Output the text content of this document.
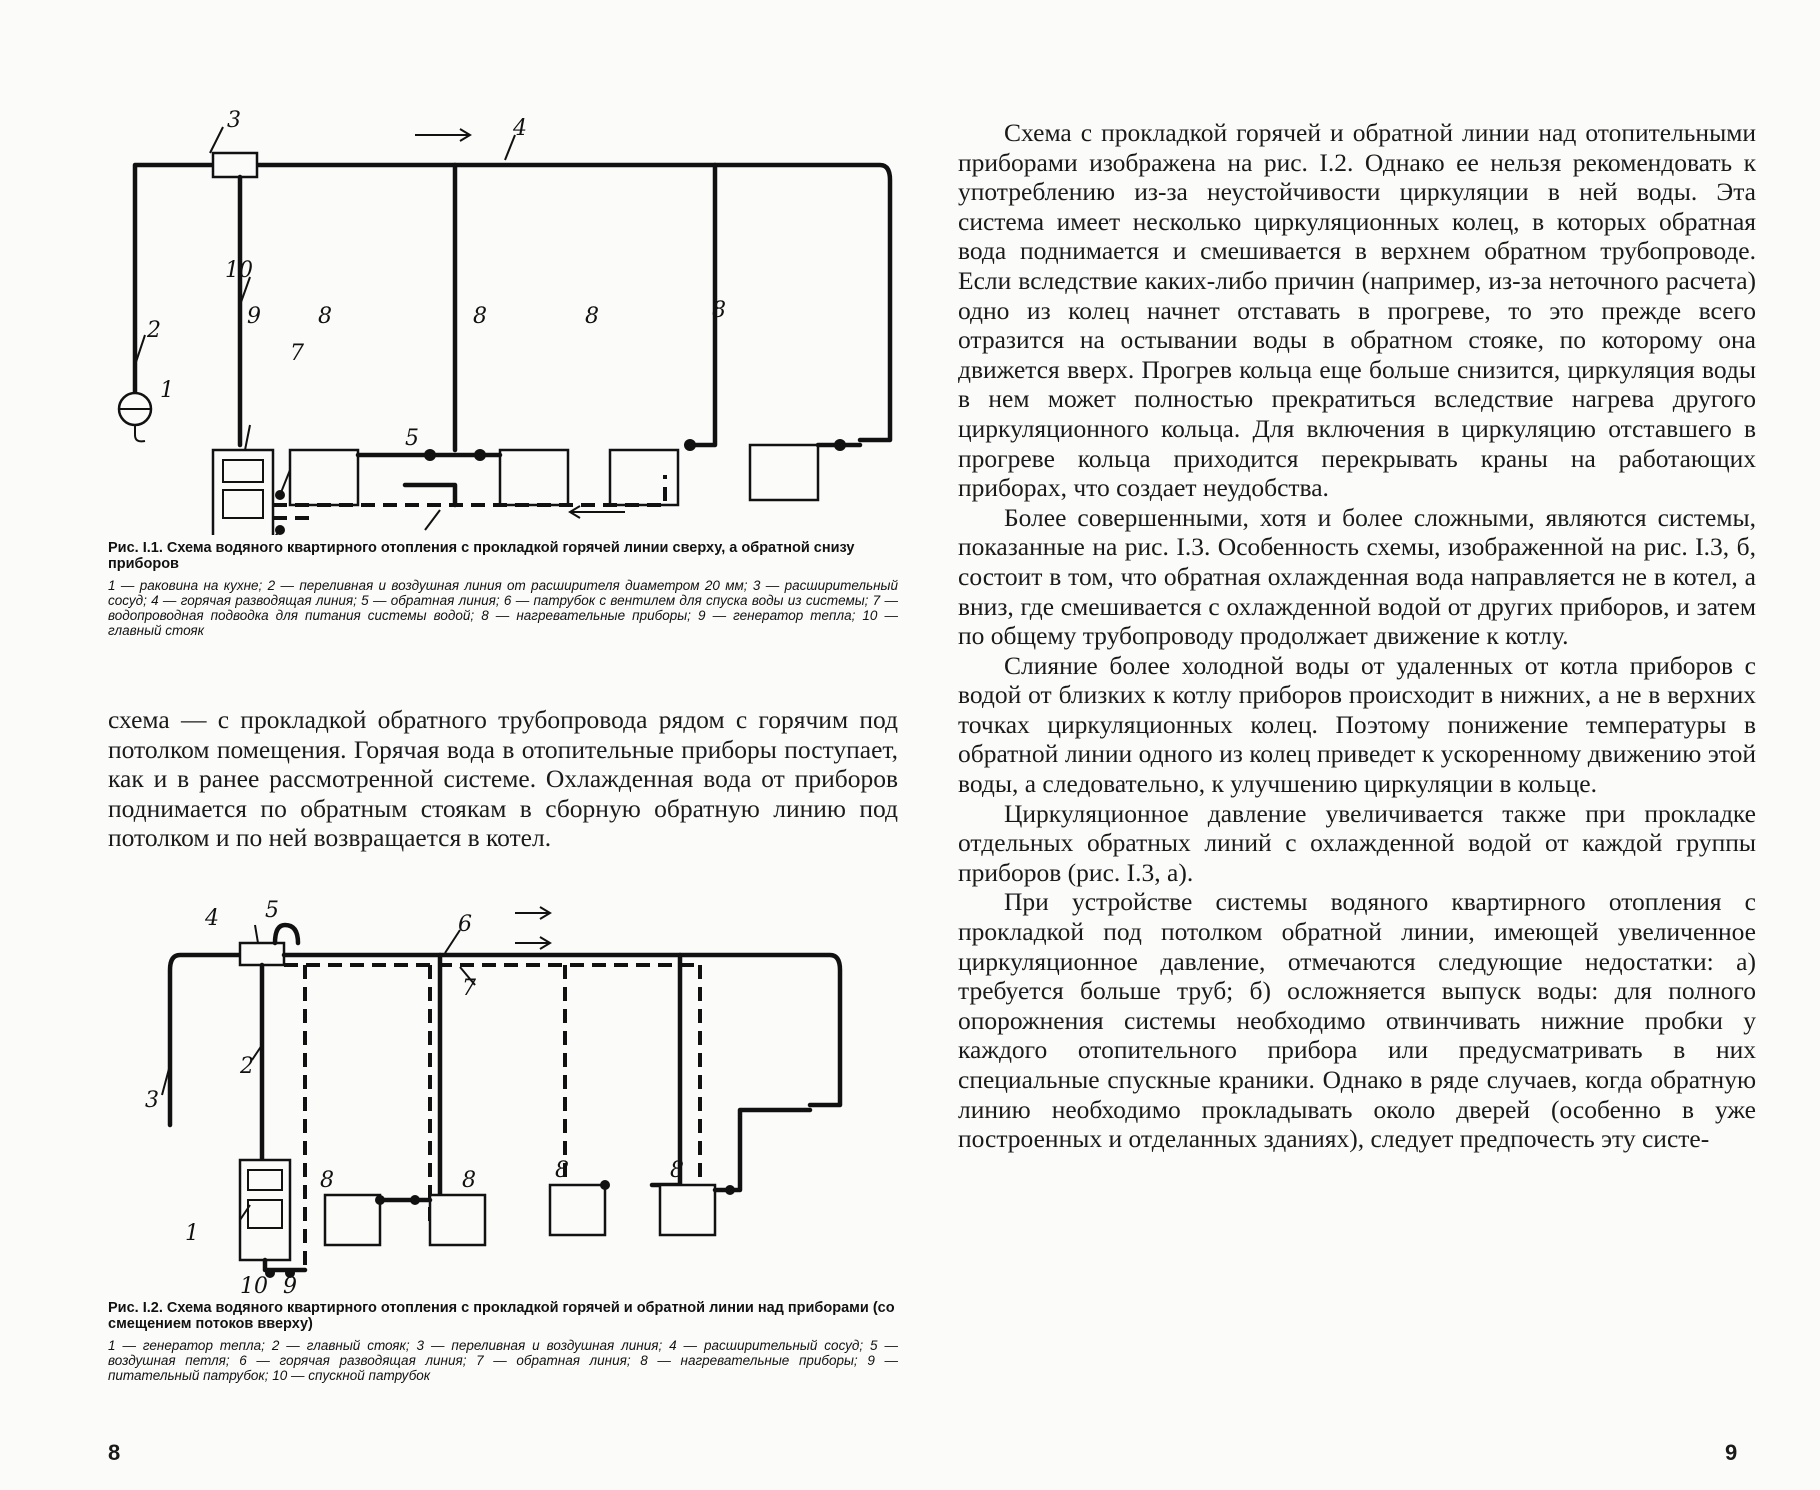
3	4
2
10
1
9
7
8	8	8	8
5

Рис. I.1. Схема водяного квартирного отопления с прокладкой горячей линии сверху, а обратной снизу приборов

1 — раковина на кухне; 2 — переливная и воздушная линия от расширителя диаметром 20 мм; 3 — расширительный сосуд; 4 — горячая разводящая линия; 5 — обратная линия; 6 — патрубок с вентилем для спуска воды из системы; 7 — водопроводная подводка для питания системы водой; 8 — нагревательные приборы; 9 — генератор тепла; 10 — главный стояк

схема — с прокладкой обратного трубопровода рядом с горячим под потолком помещения. Горячая вода в отопительные приборы поступает, как и в ранее рассмотренной системе. Охлажденная вода от приборов поднимается по обратным стоякам в сборную обратную линию под потолком и по ней возвращается в котел.

4 5
6
7
2
3
1
8	8	8	8
10 9

Рис. I.2. Схема водяного квартирного отопления с прокладкой горячей и обратной линии над приборами (со смещением потоков вверху)

1 — генератор тепла; 2 — главный стояк; 3 — переливная и воздушная линия; 4 — расширительный сосуд; 5 — воздушная петля; 6 — горячая разводящая линия; 7 — обратная линия; 8 — нагревательные приборы; 9 — питательный патрубок; 10 — спускной патрубок

8

Схема с прокладкой горячей и обратной линии над отопительными приборами изображена на рис. I.2. Однако ее нельзя рекомендовать к употреблению из-за неустойчивости циркуляции в ней воды. Эта система имеет несколько циркуляционных колец, в которых обратная вода поднимается и смешивается в верхнем обратном трубопроводе. Если вследствие каких-либо причин (например, из-за неточного расчета) одно из колец начнет отставать в прогреве, то это прежде всего отразится на остывании воды в обратном стояке, по которому она движется вверх. Прогрев кольца еще больше снизится, циркуляция воды в нем может полностью прекратиться вследствие нагрева другого циркуляционного кольца. Для включения в циркуляцию отставшего в прогреве кольца приходится перекрывать краны на работающих приборах, что создает неудобства.

Более совершенными, хотя и более сложными, являются системы, показанные на рис. I.3. Особенность схемы, изображенной на рис. I.3, б, состоит в том, что обратная охлажденная вода направляется не в котел, а вниз, где смешивается с охлажденной водой от других приборов, и затем по общему трубопроводу продолжает движение к котлу.

Слияние более холодной воды от удаленных от котла приборов с водой от близких к котлу приборов происходит в нижних, а не в верхних точках циркуляционных колец. Поэтому понижение температуры в обратной линии одного из колец приведет к ускоренному движению этой воды, а следовательно, к улучшению циркуляции в кольце.

Циркуляционное давление увеличивается также при прокладке отдельных обратных линий с охлажденной водой от каждой группы приборов (рис. I.3, а).

При устройстве системы водяного квартирного отопления с прокладкой под потолком обратной линии, имеющей увеличенное циркуляционное давление, отмечаются следующие недостатки: а) требуется больше труб; б) осложняется выпуск воды: для полного опорожнения системы необходимо отвинчивать нижние пробки у каждого отопительного прибора или предусматривать в них специальные спускные краники. Однако в ряде случаев, когда обратную линию необходимо прокладывать около дверей (особенно в уже построенных и отделанных зданиях), следует предпочесть эту систе-

9
